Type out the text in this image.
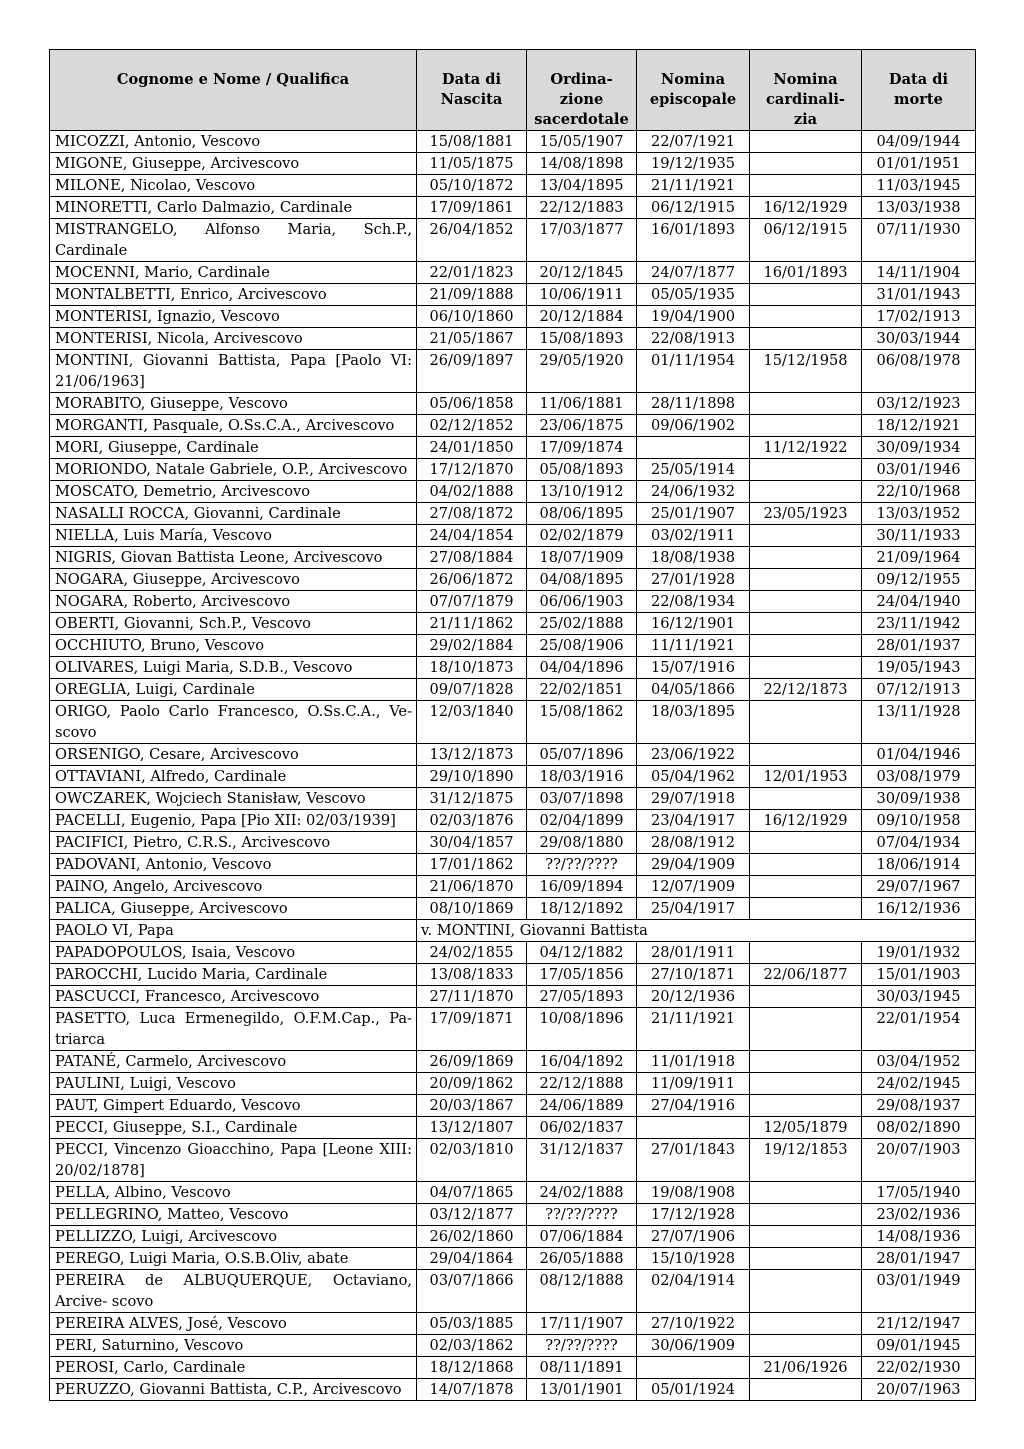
Cognome e Nome / Qualifica	Data di Nascita	Ordina- zione sacerdotale	Nomina episcopale	Nomina cardinali- zia	Data di morte
MICOZZI, Antonio, Vescovo	15/08/1881	15/05/1907	22/07/1921		04/09/1944
MIGONE, Giuseppe, Arcivescovo	11/05/1875	14/08/1898	19/12/1935		01/01/1951
MILONE, Nicolao, Vescovo	05/10/1872	13/04/1895	21/11/1921		11/03/1945
MINORETTI, Carlo Dalmazio, Cardinale	17/09/1861	22/12/1883	06/12/1915	16/12/1929	13/03/1938
MISTRANGELO, Alfonso Maria, Sch.P., Cardinale	26/04/1852	17/03/1877	16/01/1893	06/12/1915	07/11/1930
MOCENNI, Mario, Cardinale	22/01/1823	20/12/1845	24/07/1877	16/01/1893	14/11/1904
MONTALBETTI, Enrico, Arcivescovo	21/09/1888	10/06/1911	05/05/1935		31/01/1943
MONTERISI, Ignazio, Vescovo	06/10/1860	20/12/1884	19/04/1900		17/02/1913
MONTERISI, Nicola, Arcivescovo	21/05/1867	15/08/1893	22/08/1913		30/03/1944
MONTINI, Giovanni Battista, Papa [Paolo VI: 21/06/1963]	26/09/1897	29/05/1920	01/11/1954	15/12/1958	06/08/1978
MORABITO, Giuseppe, Vescovo	05/06/1858	11/06/1881	28/11/1898		03/12/1923
MORGANTI, Pasquale, O.Ss.C.A., Arcivescovo	02/12/1852	23/06/1875	09/06/1902		18/12/1921
MORI, Giuseppe, Cardinale	24/01/1850	17/09/1874		11/12/1922	30/09/1934
MORIONDO, Natale Gabriele, O.P., Arcivescovo	17/12/1870	05/08/1893	25/05/1914		03/01/1946
MOSCATO, Demetrio, Arcivescovo	04/02/1888	13/10/1912	24/06/1932		22/10/1968
NASALLI ROCCA, Giovanni, Cardinale	27/08/1872	08/06/1895	25/01/1907	23/05/1923	13/03/1952
NIELLA, Luis María, Vescovo	24/04/1854	02/02/1879	03/02/1911		30/11/1933
NIGRIS, Giovan Battista Leone, Arcivescovo	27/08/1884	18/07/1909	18/08/1938		21/09/1964
NOGARA, Giuseppe, Arcivescovo	26/06/1872	04/08/1895	27/01/1928		09/12/1955
NOGARA, Roberto, Arcivescovo	07/07/1879	06/06/1903	22/08/1934		24/04/1940
OBERTI, Giovanni, Sch.P., Vescovo	21/11/1862	25/02/1888	16/12/1901		23/11/1942
OCCHIUTO, Bruno, Vescovo	29/02/1884	25/08/1906	11/11/1921		28/01/1937
OLIVARES, Luigi Maria, S.D.B., Vescovo	18/10/1873	04/04/1896	15/07/1916		19/05/1943
OREGLIA, Luigi, Cardinale	09/07/1828	22/02/1851	04/05/1866	22/12/1873	07/12/1913
ORIGO, Paolo Carlo Francesco, O.Ss.C.A., Ve- scovo	12/03/1840	15/08/1862	18/03/1895		13/11/1928
ORSENIGO, Cesare, Arcivescovo	13/12/1873	05/07/1896	23/06/1922		01/04/1946
OTTAVIANI, Alfredo, Cardinale	29/10/1890	18/03/1916	05/04/1962	12/01/1953	03/08/1979
OWCZAREK, Wojciech Stanisław, Vescovo	31/12/1875	03/07/1898	29/07/1918		30/09/1938
PACELLI, Eugenio, Papa [Pio XII: 02/03/1939]	02/03/1876	02/04/1899	23/04/1917	16/12/1929	09/10/1958
PACIFICI, Pietro, C.R.S., Arcivescovo	30/04/1857	29/08/1880	28/08/1912		07/04/1934
PADOVANI, Antonio, Vescovo	17/01/1862	??/??/????	29/04/1909		18/06/1914
PAINO, Angelo, Arcivescovo	21/06/1870	16/09/1894	12/07/1909		29/07/1967
PALICA, Giuseppe, Arcivescovo	08/10/1869	18/12/1892	25/04/1917		16/12/1936
PAOLO VI, Papa	v. MONTINI, Giovanni Battista				
PAPADOPOULOS, Isaia, Vescovo	24/02/1855	04/12/1882	28/01/1911		19/01/1932
PAROCCHI, Lucido Maria, Cardinale	13/08/1833	17/05/1856	27/10/1871	22/06/1877	15/01/1903
PASCUCCI, Francesco, Arcivescovo	27/11/1870	27/05/1893	20/12/1936		30/03/1945
PASETTO, Luca Ermenegildo, O.F.M.Cap., Pa- triarca	17/09/1871	10/08/1896	21/11/1921		22/01/1954
PATANÉ, Carmelo, Arcivescovo	26/09/1869	16/04/1892	11/01/1918		03/04/1952
PAULINI, Luigi, Vescovo	20/09/1862	22/12/1888	11/09/1911		24/02/1945
PAUT, Gimpert Eduardo, Vescovo	20/03/1867	24/06/1889	27/04/1916		29/08/1937
PECCI, Giuseppe, S.I., Cardinale	13/12/1807	06/02/1837		12/05/1879	08/02/1890
PECCI, Vincenzo Gioacchino, Papa [Leone XIII: 20/02/1878]	02/03/1810	31/12/1837	27/01/1843	19/12/1853	20/07/1903
PELLA, Albino, Vescovo	04/07/1865	24/02/1888	19/08/1908		17/05/1940
PELLEGRINO, Matteo, Vescovo	03/12/1877	??/??/????	17/12/1928		23/02/1936
PELLIZZO, Luigi, Arcivescovo	26/02/1860	07/06/1884	27/07/1906		14/08/1936
PEREGO, Luigi Maria, O.S.B.Oliv, abate	29/04/1864	26/05/1888	15/10/1928		28/01/1947
PEREIRA de ALBUQUERQUE, Octaviano, Arcive- scovo	03/07/1866	08/12/1888	02/04/1914		03/01/1949
PEREIRA ALVES, José, Vescovo	05/03/1885	17/11/1907	27/10/1922		21/12/1947
PERI, Saturnino, Vescovo	02/03/1862	??/??/????	30/06/1909		09/01/1945
PEROSI, Carlo, Cardinale	18/12/1868	08/11/1891		21/06/1926	22/02/1930
PERUZZO, Giovanni Battista, C.P., Arcivescovo	14/07/1878	13/01/1901	05/01/1924		20/07/1963
